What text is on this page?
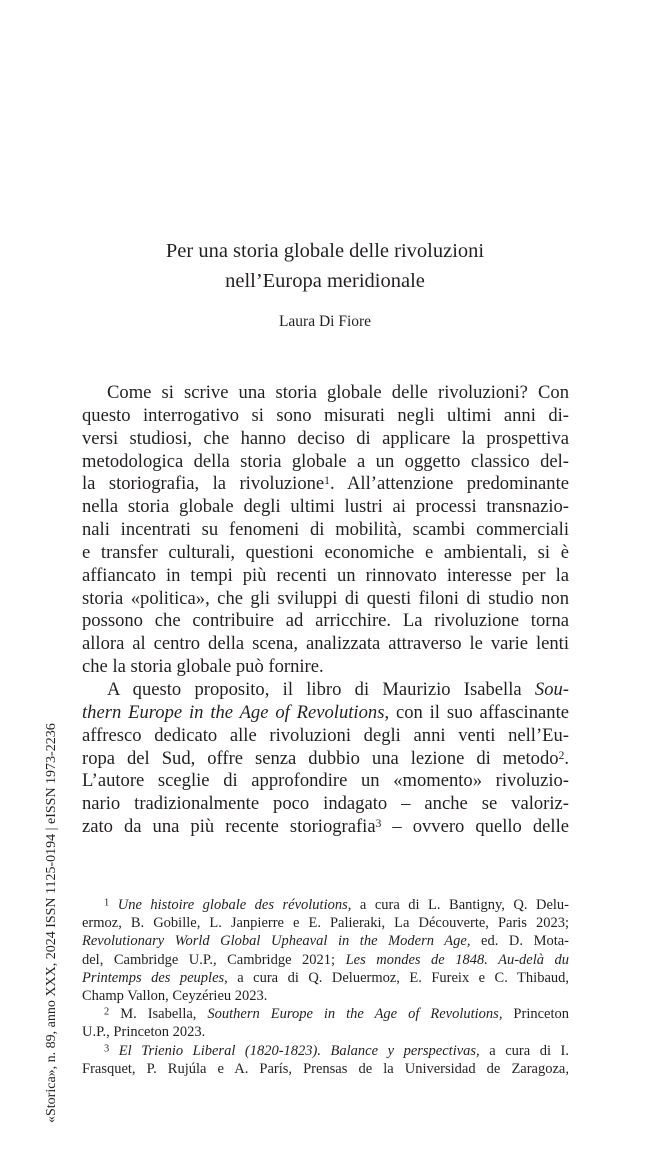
Per una storia globale delle rivoluzioni
nell’Europa meridionale
Laura Di Fiore
Come si scrive una storia globale delle rivoluzioni? Con
questo interrogativo si sono misurati negli ultimi anni di-
versi studiosi, che hanno deciso di applicare la prospettiva
metodologica della storia globale a un oggetto classico del-
la storiografia, la rivoluzione$^1$. All’attenzione predominante
nella storia globale degli ultimi lustri ai processi transnazio-
nali incentrati su fenomeni di mobilità, scambi commerciali
e transfer culturali, questioni economiche e ambientali, si è
affiancato in tempi più recenti un rinnovato interesse per la
storia «politica», che gli sviluppi di questi filoni di studio non
possono che contribuire ad arricchire. La rivoluzione torna
allora al centro della scena, analizzata attraverso le varie lenti
che la storia globale può fornire.
A questo proposito, il libro di Maurizio Isabella Sou-
thern Europe in the Age of Revolutions, con il suo affascinante
affresco dedicato alle rivoluzioni degli anni venti nell’Eu-
ropa del Sud, offre senza dubbio una lezione di metodo$^2$.
L’autore sceglie di approfondire un «momento» rivoluzio-
nario tradizionalmente poco indagato – anche se valoriz-
zato da una più recente storiografia$^3$ – ovvero quello delle
$^1$ Une histoire globale des révolutions, a cura di L. Bantigny, Q. Delu-
ermoz, B. Gobille, L. Janpierre e E. Palieraki, La Découverte, Paris 2023;
Revolutionary World Global Upheaval in the Modern Age, ed. D. Mota-
del, Cambridge U.P., Cambridge 2021; Les mondes de 1848. Au-delà du
Printemps des peuples, a cura di Q. Deluermoz, E. Fureix e C. Thibaud,
Champ Vallon, Ceyzérieu 2023.
$^2$ M. Isabella, Southern Europe in the Age of Revolutions, Princeton
U.P., Princeton 2023.
$^3$ El Trienio Liberal (1820-1823). Balance y perspectivas, a cura di I.
Frasquet, P. Rujúla e A. París, Prensas de la Universidad de Zaragoza,
«Storica», n. 89, anno XXX, 2024 ISSN 1125-0194 | eISSN 1973-2236
